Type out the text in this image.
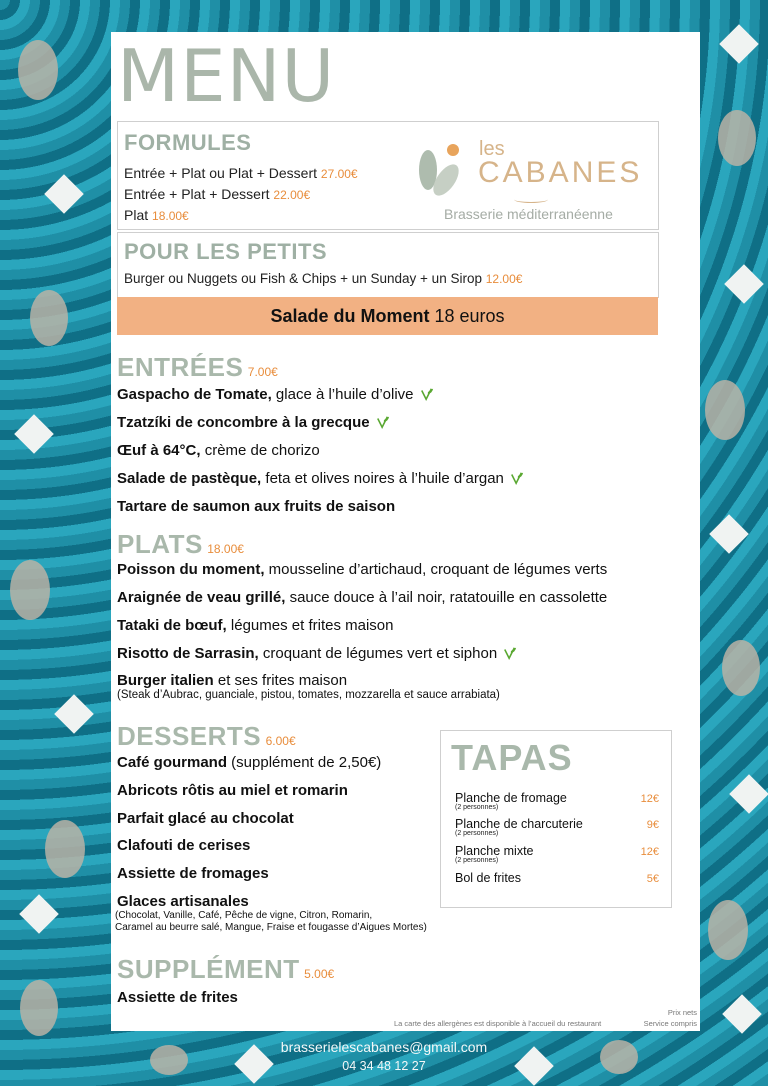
MENU
FORMULES
Entrée + Plat ou Plat + Dessert 27.00€
Entrée + Plat + Dessert 22.00€
Plat 18.00€
les
CABANES
Brasserie méditerranéenne
POUR LES PETITS
Burger ou Nuggets ou Fish & Chips + un Sunday + un Sirop 12.00€
Salade du Moment 18 euros
ENTRÉES 7.00€
Gaspacho de Tomate, glace à l’huile d’olive
Tzatzíki de concombre à la grecque
Œuf à 64°C, crème de chorizo
Salade de pastèque, feta et olives noires à l’huile d’argan
Tartare de saumon aux fruits de saison
PLATS 18.00€
Poisson du moment, mousseline d’artichaud, croquant de légumes verts
Araignée de veau grillé, sauce douce à l’ail noir, ratatouille en cassolette
Tataki de bœuf, légumes et frites maison
Risotto de Sarrasin, croquant de légumes vert et siphon
Burger italien et ses frites maison
(Steak d’Aubrac, guanciale, pistou, tomates, mozzarella et sauce arrabiata)
DESSERTS 6.00€
Café gourmand (supplément de 2,50€)
Abricots rôtis au miel et romarin
Parfait glacé au chocolat
Clafouti de cerises
Assiette de fromages
Glaces artisanales
(Chocolat, Vanille, Café, Pêche de vigne, Citron, Romarin,
Caramel au beurre salé, Mangue, Fraise et fougasse d’Aigues Mortes)
TAPAS
Planche de fromage
(2 personnes)
12€
Planche de charcuterie
(2 personnes)
9€
Planche mixte
(2 personnes)
12€
Bol de frites	5€
SUPPLÉMENT 5.00€
Assiette de frites
La carte des allergènes est disponible à l’accueil du restaurant
Prix nets
Service compris
brasserielescabanes@gmail.com
04 34 48 12 27
